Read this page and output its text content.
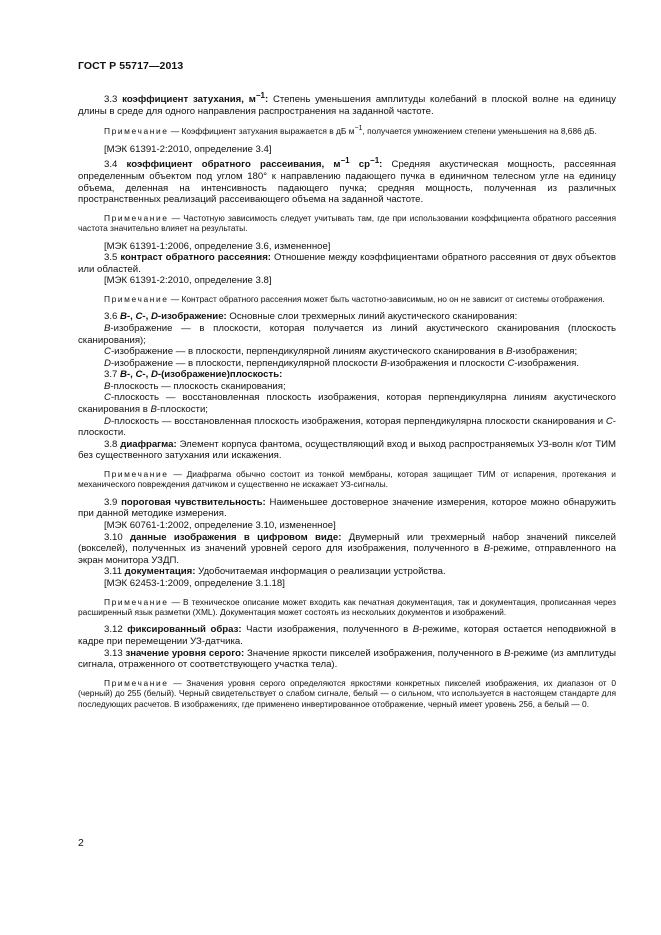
ГОСТ Р 55717—2013

3.3 коэффициент затухания, $м^{-1}$: Степень уменьшения амплитуды колебаний в плоской волне на единицу длины в среде для одного направления распространения на заданной частоте.

Примечание — Коэффициент затухания выражается в дБ $м^{-1}$, получается умножением степени уменьшения на 8,686 дБ.

[МЭК 61391-2:2010, определение 3.4]

3.4 коэффициент обратного рассеивания, $м^{-1}$ $ср^{-1}$: Средняя акустическая мощность, рассеянная определенным объектом под углом 180° к направлению падающего пучка в единичном телесном угле на единицу объема, деленная на интенсивность падающего пучка; средняя мощность, полученная из различных пространственных реализаций рассеивающего объема на заданной частоте.

Примечание — Частотную зависимость следует учитывать там, где при использовании коэффициента обратного рассеяния частота значительно влияет на результаты.

[МЭК 61391-1:2006, определение 3.6, измененное]

3.5 контраст обратного рассеяния: Отношение между коэффициентами обратного рассеяния от двух объектов или областей.

[МЭК 61391-2:2010, определение 3.8]

Примечание — Контраст обратного рассеяния может быть частотно-зависимым, но он не зависит от системы отображения.

3.6 B-, C-, D-изображение: Основные слои трехмерных линий акустического сканирования:

B-изображение — в плоскости, которая получается из линий акустического сканирования (плоскость сканирования);

C-изображение — в плоскости, перпендикулярной линиям акустического сканирования в B-изображения;

D-изображение — в плоскости, перпендикулярной плоскости B-изображения и плоскости C-изображения.

3.7 B-, C-, D-(изображение)плоскость:

B-плоскость — плоскость сканирования;

C-плоскость — восстановленная плоскость изображения, которая перпендикулярна линиям акустического сканирования в B-плоскости;

D-плоскость — восстановленная плоскость изображения, которая перпендикулярна плоскости сканирования и C-плоскости.

3.8 диафрагма: Элемент корпуса фантома, осуществляющий вход и выход распространяемых УЗ-волн к/от ТИМ без существенного затухания или искажения.

Примечание — Диафрагма обычно состоит из тонкой мембраны, которая защищает ТИМ от испарения, протекания и механического повреждения датчиком и существенно не искажает УЗ-сигналы.

3.9 пороговая чувствительность: Наименьшее достоверное значение измерения, которое можно обнаружить при данной методике измерения.

[МЭК 60761-1:2002, определение 3.10, измененное]

3.10 данные изображения в цифровом виде: Двумерный или трехмерный набор значений пикселей (вокселей), полученных из значений уровней серого для изображения, полученного в B-режиме, отправленного на экран монитора УЗДП.

3.11 документация: Удобочитаемая информация о реализации устройства.

[МЭК 62453-1:2009, определение 3.1.18]

Примечание — В техническое описание может входить как печатная документация, так и документация, прописанная через расширенный язык разметки (XML). Документация может состоять из нескольких документов и изображений.

3.12 фиксированный образ: Части изображения, полученного в B-режиме, которая остается неподвижной в кадре при перемещении УЗ-датчика.

3.13 значение уровня серого: Значение яркости пикселей изображения, полученного в B-режиме (из амплитуды сигнала, отраженного от соответствующего участка тела).

Примечание — Значения уровня серого определяются яркостями конкретных пикселей изображения, их диапазон от 0 (черный) до 255 (белый). Черный свидетельствует о слабом сигнале, белый — о сильном, что используется в настоящем стандарте для последующих расчетов. В изображениях, где применено инвертированное отображение, черный имеет уровень 256, а белый — 0.

2
